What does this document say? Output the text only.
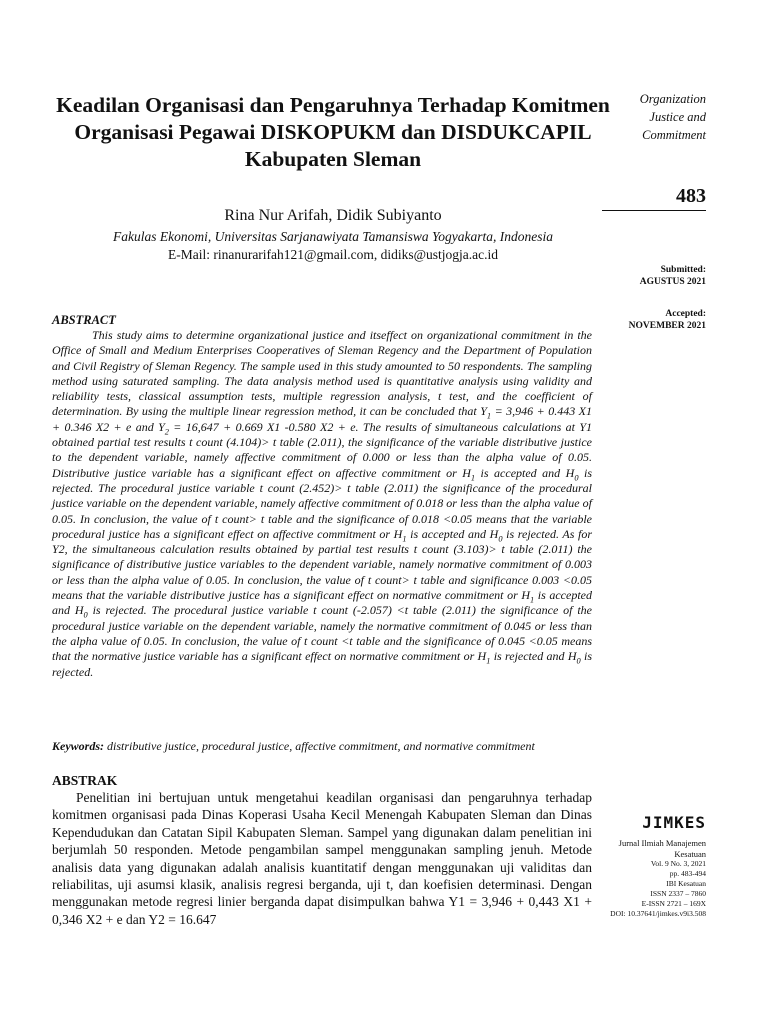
Keadilan Organisasi dan Pengaruhnya Terhadap Komitmen Organisasi Pegawai DISKOPUKM dan DISDUKCAPIL Kabupaten Sleman
Rina Nur Arifah, Didik Subiyanto
Fakulas Ekonomi, Universitas Sarjanawiyata Tamansiswa Yogyakarta, Indonesia
E-Mail: rinanurarifah121@gmail.com, didiks@ustjogja.ac.id
Organization
Justice and
Commitment
483
Submitted:
AGUSTUS 2021
Accepted:
NOVEMBER 2021
JIMKES
Jurnal Ilmiah Manajemen
Kesatuan
Vol. 9 No. 3, 2021
pp. 483-494
IBI Kesatuan
ISSN 2337 – 7860
E-ISSN 2721 – 169X
DOI: 10.37641/jimkes.v9i3.508
ABSTRACT

This study aims to determine organizational justice and itseffect on organizational commitment in the Office of Small and Medium Enterprises Cooperatives of Sleman Regency and the Department of Population and Civil Registry of Sleman Regency. The sample used in this study amounted to 50 respondents. The sampling method using saturated sampling. The data analysis method used is quantitative analysis using validity and reliability tests, classical assumption tests, multiple regression analysis, t test, and the coefficient of determination. By using the multiple linear regression method, it can be concluded that $Y_1 = 3,946 + 0.443$ X1 + 0.346 X2 + e and $Y_2 = 16,647 + 0.669$ X1 -0.580 X2 + e. The results of simultaneous calculations at Y1 obtained partial test results t count (4.104)> t table (2.011), the significance of the variable distributive justice to the dependent variable, namely affective commitment of 0.000 or less than the alpha value of 0.05. Distributive justice variable has a significant effect on affective commitment or $H_1$ is accepted and $H_0$ is rejected. The procedural justice variable t count (2.452)> t table (2.011) the significance of the procedural justice variable on the dependent variable, namely affective commitment of 0.018 or less than the alpha value of 0.05. In conclusion, the value of t count> t table and the significance of 0.018 <0.05 means that the variable procedural justice has a significant effect on affective commitment or $H_1$ is accepted and $H_0$ is rejected. As for Y2, the simultaneous calculation results obtained by partial test results t count (3.103)> t table (2.011) the significance of distributive justice variables to the dependent variable, namely normative commitment of 0.003 or less than the alpha value of 0.05. In conclusion, the value of t count> t table and significance 0.003 <0.05 means that the variable distributive justice has a significant effect on normative commitment or $H_1$ is accepted and $H_0$ is rejected. The procedural justice variable t count (-2.057) <t table (2.011) the significance of the procedural justice variable on the dependent variable, namely the normative commitment of 0.045 or less than the alpha value of 0.05. In conclusion, the value of t count <t table and the significance of 0.045 <0.05 means that the normative justice variable has a significant effect on normative commitment or $H_1$ is rejected and $H_0$ is rejected.

Keywords: distributive justice, procedural justice, affective commitment, and normative commitment
ABSTRAK

Penelitian ini bertujuan untuk mengetahui keadilan organisasi dan pengaruhnya terhadap komitmen organisasi pada Dinas Koperasi Usaha Kecil Menengah Kabupaten Sleman dan Dinas Kependudukan dan Catatan Sipil Kabupaten Sleman. Sampel yang digunakan dalam penelitian ini berjumlah 50 responden. Metode pengambilan sampel menggunakan sampling jenuh. Metode analisis data yang digunakan adalah analisis kuantitatif dengan menggunakan uji validitas dan reliabilitas, uji asumsi klasik, analisis regresi berganda, uji t, dan koefisien determinasi. Dengan menggunakan metode regresi linier berganda dapat disimpulkan bahwa Y1 = 3,946 + 0,443 X1 + 0,346 X2 + e dan Y2 = 16.647
